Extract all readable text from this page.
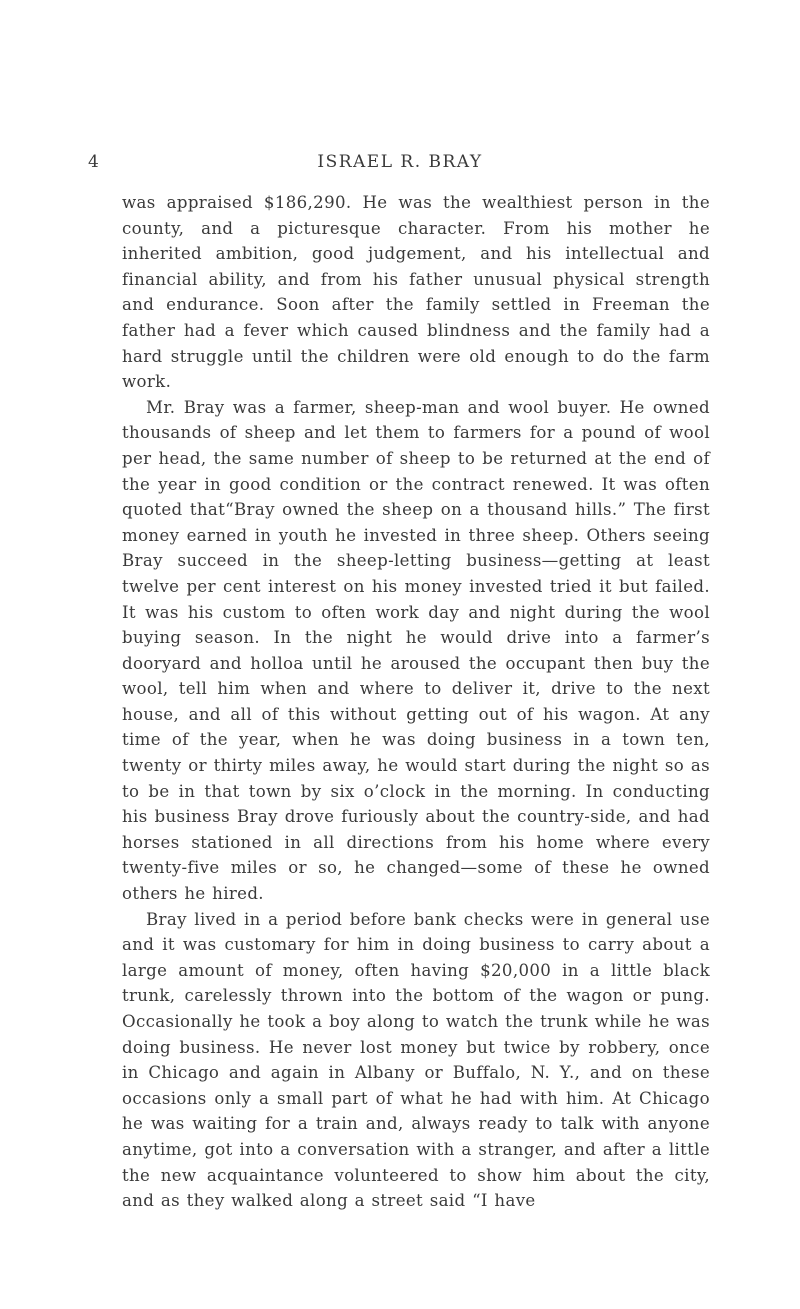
4	ISRAEL R. BRAY

was appraised $186,290. He was the wealthiest person in the county, and a picturesque character. From his mother he inherited ambition, good judgement, and his intellectual and financial ability, and from his father unusual physical strength and endurance. Soon after the family settled in Freeman the father had a fever which caused blindness and the family had a hard struggle until the children were old enough to do the farm work.

Mr. Bray was a farmer, sheep-man and wool buyer. He owned thousands of sheep and let them to farmers for a pound of wool per head, the same number of sheep to be returned at the end of the year in good condition or the contract renewed. It was often quoted that“Bray owned the sheep on a thousand hills.” The first money earned in youth he invested in three sheep. Others seeing Bray succeed in the sheep-letting business—getting at least twelve per cent interest on his money invested tried it but failed. It was his custom to often work day and night during the wool buying season. In the night he would drive into a farmer’s dooryard and holloa until he aroused the occupant then buy the wool, tell him when and where to deliver it, drive to the next house, and all of this without getting out of his wagon. At any time of the year, when he was doing business in a town ten, twenty or thirty miles away, he would start during the night so as to be in that town by six o’clock in the morning. In conducting his business Bray drove furiously about the country-side, and had horses stationed in all directions from his home where every twenty-five miles or so, he changed—some of these he owned others he hired.

Bray lived in a period before bank checks were in general use and it was customary for him in doing business to carry about a large amount of money, often having $20,000 in a little black trunk, carelessly thrown into the bottom of the wagon or pung. Occasionally he took a boy along to watch the trunk while he was doing business. He never lost money but twice by robbery, once in Chicago and again in Albany or Buffalo, N. Y., and on these occasions only a small part of what he had with him. At Chicago he was waiting for a train and, always ready to talk with anyone anytime, got into a conversation with a stranger, and after a little the new acquaintance volunteered to show him about the city, and as they walked along a street said “I have
